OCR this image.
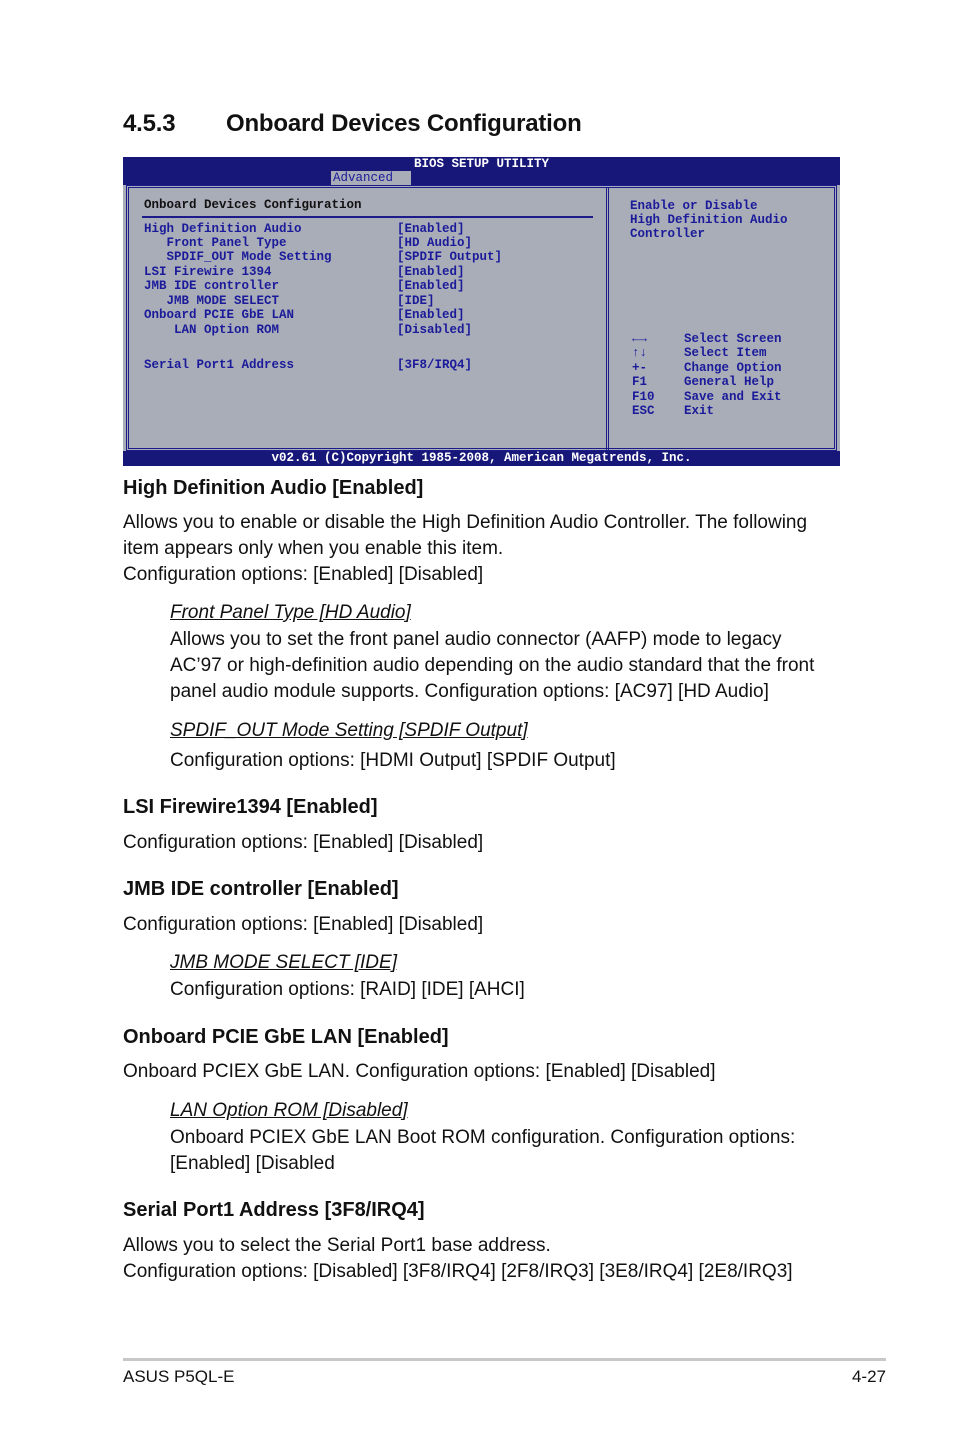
4.5.3 Onboard Devices Configuration
BIOS SETUP UTILITY
Advanced
Onboard Devices Configuration
High Definition Audio	[Enabled]
Front Panel Type	[HD Audio]
SPDIF_OUT Mode Setting	[SPDIF Output]
LSI Firewire 1394	[Enabled]
JMB IDE controller	[Enabled]
JMB MODE SELECT	[IDE]
Onboard PCIE GbE LAN	[Enabled]
LAN Option ROM	[Disabled]
Serial Port1 Address	[3F8/IRQ4]
Enable or Disable
High Definition Audio
Controller
←→	Select Screen
↑↓	Select Item
+-	Change Option
F1	General Help
F10	Save and Exit
ESC	Exit
v02.61 (C)Copyright 1985-2008, American Megatrends, Inc.
High Definition Audio [Enabled]

Allows you to enable or disable the High Definition Audio Controller. The following

item appears only when you enable this item.

Configuration options: [Enabled] [Disabled]

Front Panel Type [HD Audio]

Allows you to set the front panel audio connector (AAFP) mode to legacy

AC’97 or high-definition audio depending on the audio standard that the front

panel audio module supports. Configuration options: [AC97] [HD Audio]

SPDIF_OUT Mode Setting [SPDIF Output]

Configuration options: [HDMI Output] [SPDIF Output]

LSI Firewire1394 [Enabled]

Configuration options: [Enabled] [Disabled]

JMB IDE controller [Enabled]

Configuration options: [Enabled] [Disabled]

JMB MODE SELECT [IDE]

Configuration options: [RAID] [IDE] [AHCI]

Onboard PCIE GbE LAN [Enabled]

Onboard PCIEX GbE LAN. Configuration options: [Enabled] [Disabled]

LAN Option ROM [Disabled]

Onboard PCIEX GbE LAN Boot ROM configuration. Configuration options:

[Enabled] [Disabled

Serial Port1 Address [3F8/IRQ4]

Allows you to select the Serial Port1 base address.

Configuration options: [Disabled] [3F8/IRQ4] [2F8/IRQ3] [3E8/IRQ4] [2E8/IRQ3]

ASUS P5QL-E	4-27
